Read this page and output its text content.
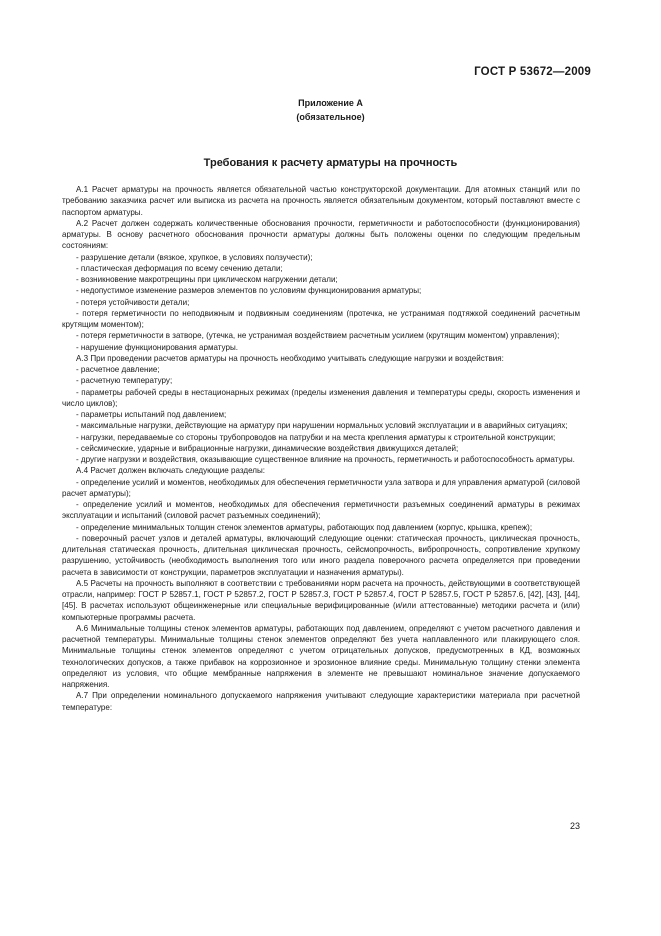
ГОСТ Р 53672—2009
Приложение А
(обязательное)
Требования к расчету арматуры на прочность

А.1 Расчет арматуры на прочность является обязательной частью конструкторской документации. Для атомных станций или по требованию заказчика расчет или выписка из расчета на прочность является обязательным документом, который поставляют вместе с паспортом арматуры.

А.2 Расчет должен содержать количественные обоснования прочности, герметичности и работоспособности (функционирования) арматуры. В основу расчетного обоснования прочности арматуры должны быть положены оценки по следующим предельным состояниям:

- разрушение детали (вязкое, хрупкое, в условиях ползучести);

- пластическая деформация по всему сечению детали;

- возникновение макротрещины при циклическом нагружении детали;

- недопустимое изменение размеров элементов по условиям функционирования арматуры;

- потеря устойчивости детали;

- потеря герметичности по неподвижным и подвижным соединениям (протечка, не устранимая подтяжкой соединений расчетным крутящим моментом);

- потеря герметичности в затворе, (утечка, не устранимая воздействием расчетным усилием (крутящим моментом) управления);

- нарушение функционирования арматуры.

А.3 При проведении расчетов арматуры на прочность необходимо учитывать следующие нагрузки и воздействия:

- расчетное давление;

- расчетную температуру;

- параметры рабочей среды в нестационарных режимах (пределы изменения давления и температуры среды, скорость изменения и число циклов);

- параметры испытаний под давлением;

- максимальные нагрузки, действующие на арматуру при нарушении нормальных условий эксплуатации и в аварийных ситуациях;

- нагрузки, передаваемые со стороны трубопроводов на патрубки и на места крепления арматуры к строительной конструкции;

- сейсмические, ударные и вибрационные нагрузки, динамические воздействия движущихся деталей;

- другие нагрузки и воздействия, оказывающие существенное влияние на прочность, герметичность и работоспособность арматуры.

А.4 Расчет должен включать следующие разделы:

- определение усилий и моментов, необходимых для обеспечения герметичности узла затвора и для управления арматурой (силовой расчет арматуры);

- определение усилий и моментов, необходимых для обеспечения герметичности разъемных соединений арматуры в режимах эксплуатации и испытаний (силовой расчет разъемных соединений);

- определение минимальных толщин стенок элементов арматуры, работающих под давлением (корпус, крышка, крепеж);

- поверочный расчет узлов и деталей арматуры, включающий следующие оценки: статическая прочность, циклическая прочность, длительная статическая прочность, длительная циклическая прочность, сейсмопрочность, вибропрочность, сопротивление хрупкому разрушению, устойчивость (необходимость выполнения того или иного раздела поверочного расчета определяется при проведении расчета в зависимости от конструкции, параметров эксплуатации и назначения арматуры).

А.5 Расчеты на прочность выполняют в соответствии с требованиями норм расчета на прочность, действующими в соответствующей отрасли, например: ГОСТ Р 52857.1, ГОСТ Р 52857.2, ГОСТ Р 52857.3, ГОСТ Р 52857.4, ГОСТ Р 52857.5, ГОСТ Р 52857.6, [42], [43], [44], [45]. В расчетах используют общеинженерные или специальные верифицированные (и/или аттестованные) методики расчета и (или) компьютерные программы расчета.

А.6 Минимальные толщины стенок элементов арматуры, работающих под давлением, определяют с учетом расчетного давления и расчетной температуры. Минимальные толщины стенок элементов определяют без учета наплавленного или плакирующего слоя. Минимальные толщины стенок элементов определяют с учетом отрицательных допусков, предусмотренных в КД, возможных технологических допусков, а также прибавок на коррозионное и эрозионное влияние среды. Минимальную толщину стенки элемента определяют из условия, что общие мембранные напряжения в элементе не превышают номинальное значение допускаемого напряжения.

А.7 При определении номинального допускаемого напряжения учитывают следующие характеристики материала при расчетной температуре:

23
